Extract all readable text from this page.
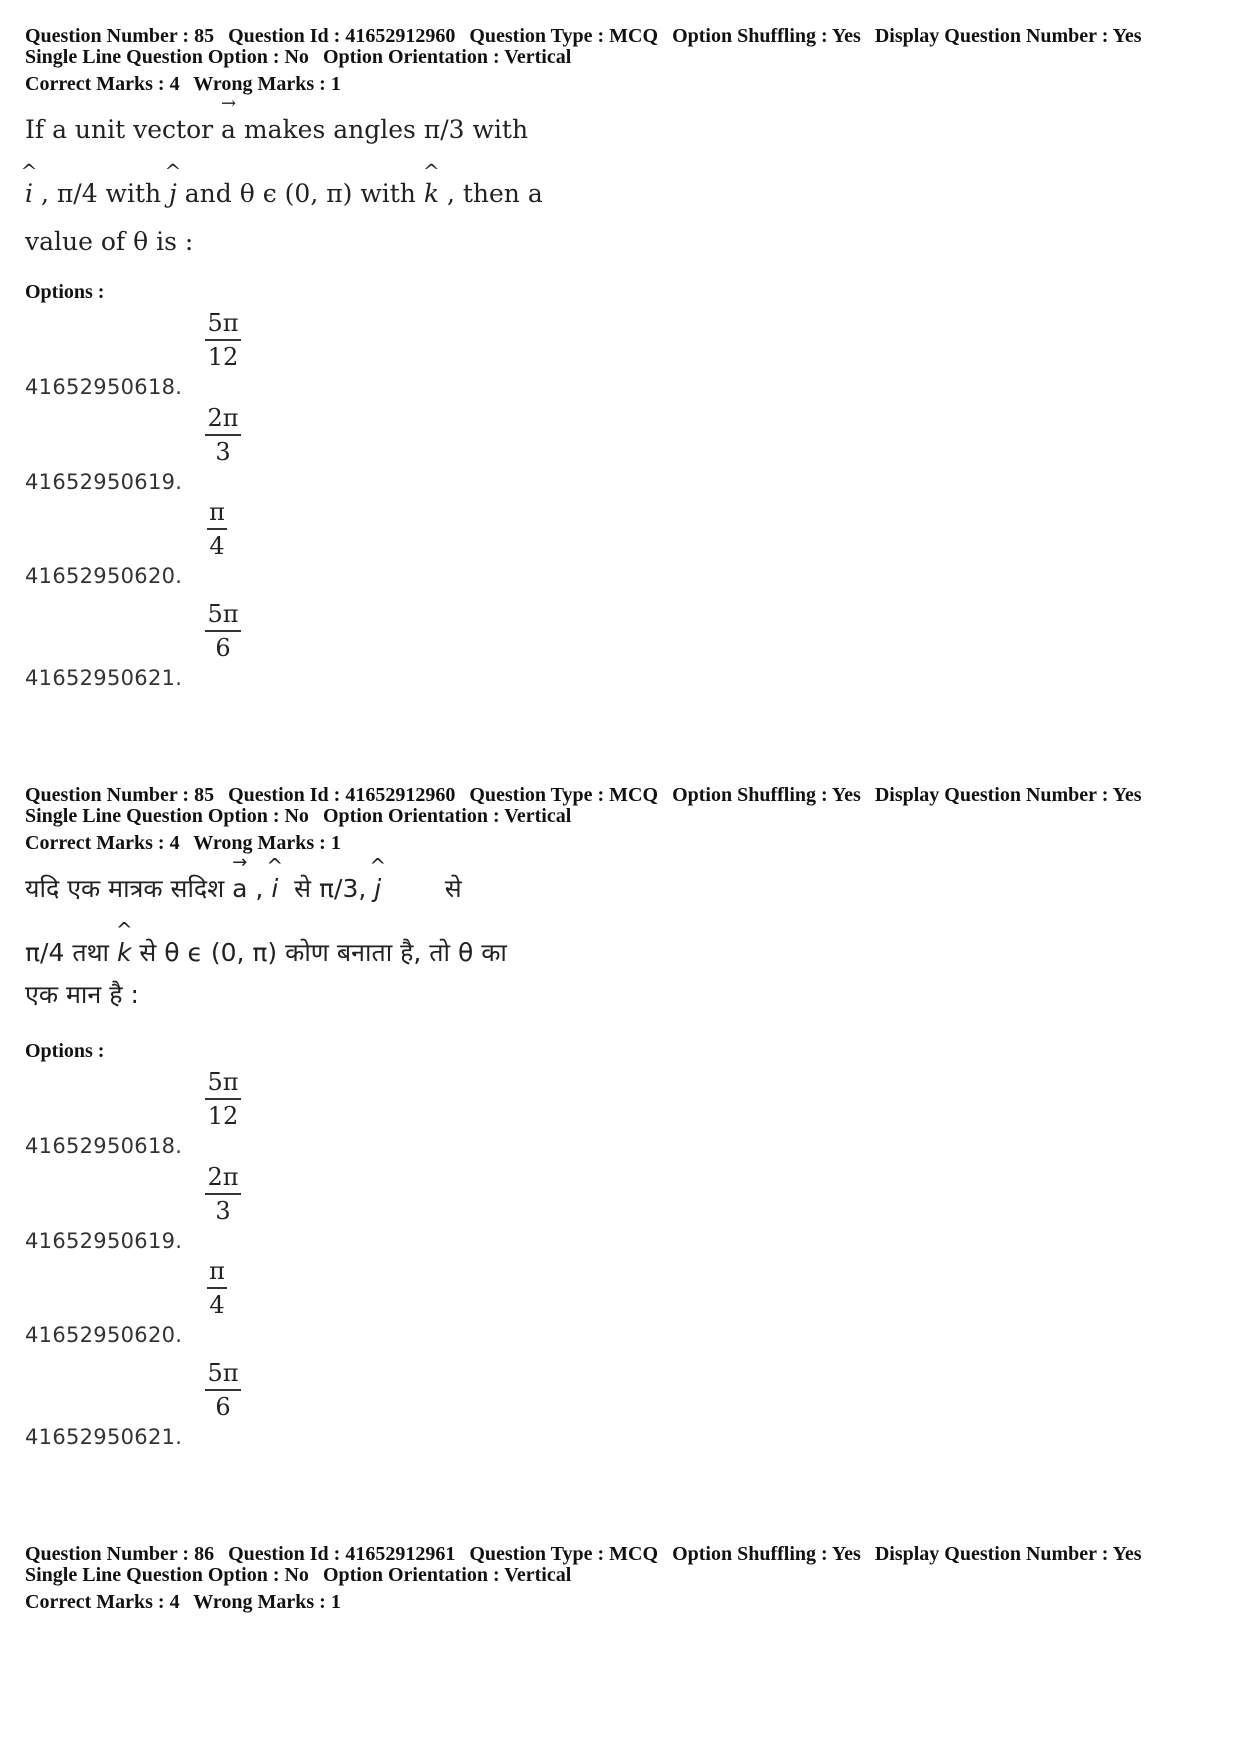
Question Number : 85 Question Id : 41652912960 Question Type : MCQ Option Shuffling : Yes Display Question Number : Yes
Single Line Question Option : No Option Orientation : Vertical
Correct Marks : 4 Wrong Marks : 1
If a unit vector → a makes angles π/3 with
^ i , π/4 with ^ j and θ ϵ (0, π) with ^ k , then a
value of θ is :
Options :
41652950618.
$\frac{5\pi}{12}$
41652950619.
$\frac{2\pi}{3}$
41652950620.
$\frac{\pi}{4}$
41652950621.
$\frac{5\pi}{6}$
Question Number : 85 Question Id : 41652912960 Question Type : MCQ Option Shuffling : Yes Display Question Number : Yes
Single Line Question Option : No Option Orientation : Vertical
Correct Marks : 4 Wrong Marks : 1
यदि एक मात्रक सदिश → a , ^ i  से π/3, ^ j        से
π/4 तथा ^ k से θ ϵ (0, π) कोण बनाता है, तो θ का
एक मान है :
Options :
41652950618.
$\frac{5\pi}{12}$
41652950619.
$\frac{2\pi}{3}$
41652950620.
$\frac{\pi}{4}$
41652950621.
$\frac{5\pi}{6}$
Question Number : 86 Question Id : 41652912961 Question Type : MCQ Option Shuffling : Yes Display Question Number : Yes
Single Line Question Option : No Option Orientation : Vertical
Correct Marks : 4 Wrong Marks : 1
